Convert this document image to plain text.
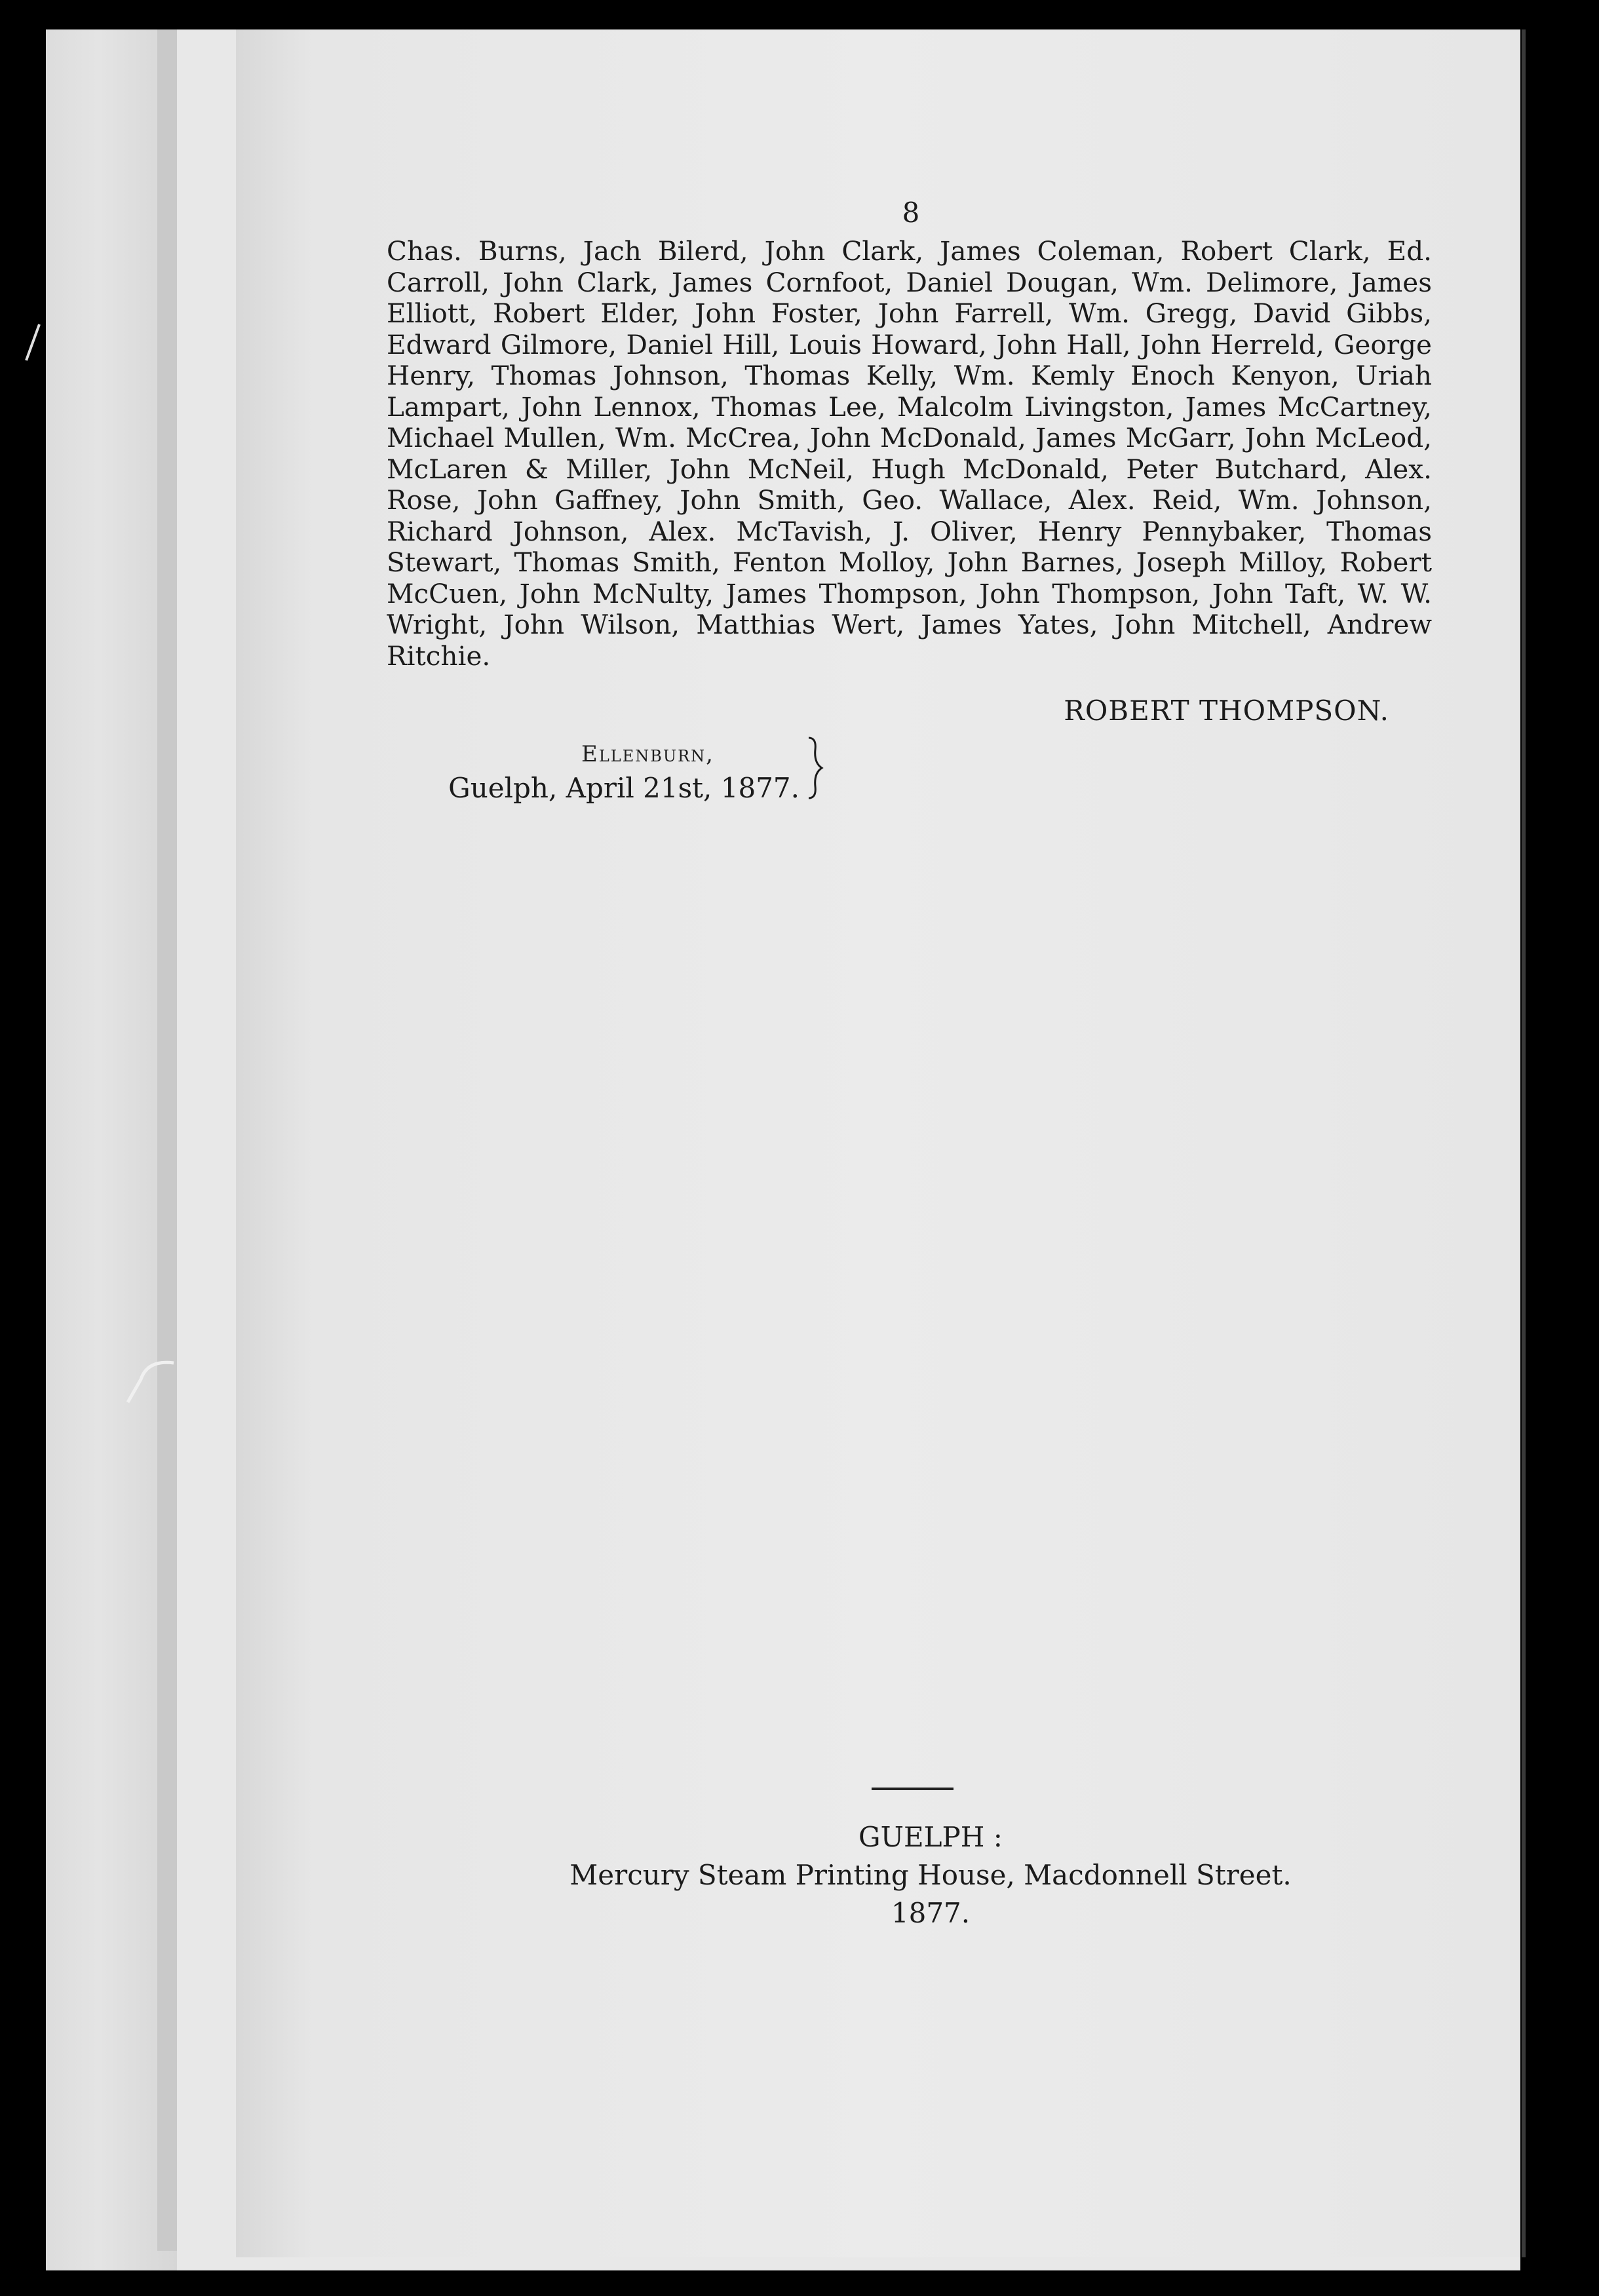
8

Chas. Burns, Jach Bilerd, John Clark, James Coleman, Robert Clark, Ed. Carroll, John Clark, James Cornfoot, Daniel Dougan, Wm. Delimore, James Elliott, Robert Elder, John Foster, John Farrell, Wm. Gregg, David Gibbs, Edward Gilmore, Daniel Hill, Louis Howard, John Hall, John Herreld, George Henry, Thomas Johnson, Thomas Kelly, Wm. Kemly Enoch Kenyon, Uriah Lampart, John Lennox, Thomas Lee, Malcolm Livingston, James McCartney, Michael Mullen, Wm. McCrea, John McDonald, James McGarr, John McLeod, McLaren & Miller, John McNeil, Hugh McDonald, Peter Butchard, Alex. Rose, John Gaffney, John Smith, Geo. Wallace, Alex. Reid, Wm. Johnson, Richard Johnson, Alex. McTavish, J. Oliver, Henry Pennybaker, Thomas Stewart, Thomas Smith, Fenton Molloy, John Barnes, Joseph Milloy, Robert McCuen, John McNulty, James Thompson, John Thompson, John Taft, W. W. Wright, John Wilson, Matthias Wert, James Yates, John Mitchell, Andrew Ritchie.

ROBERT THOMPSON.
Ellenburn,
Guelph, April 21st, 1877.
GUELPH :
Mercury Steam Printing House, Macdonnell Street.
1877.
